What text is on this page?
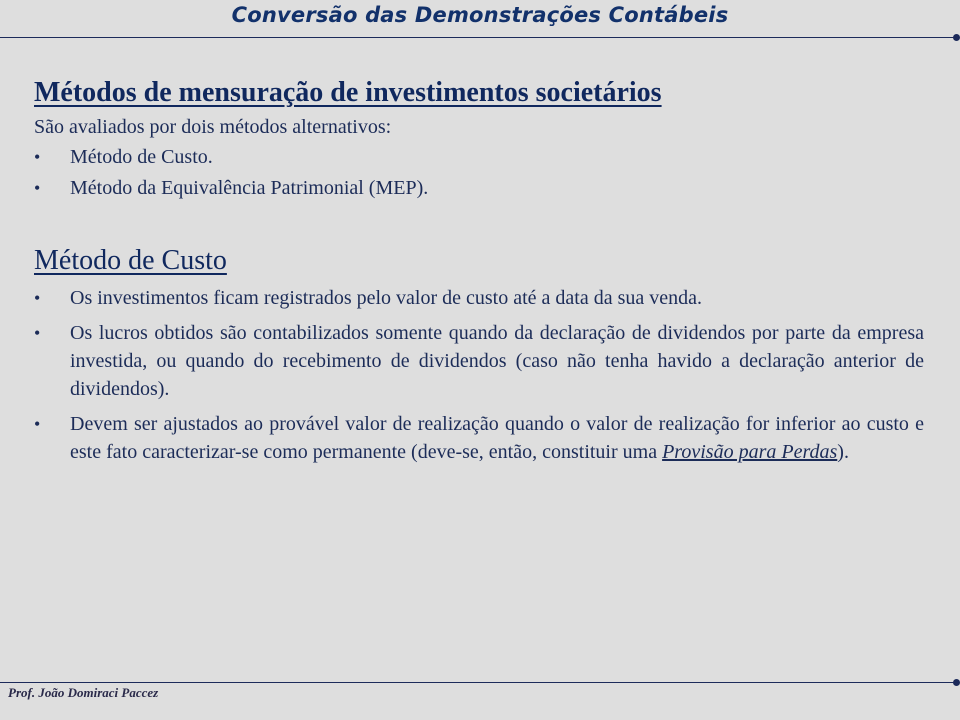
Conversão das Demonstrações Contábeis
Métodos de mensuração de investimentos societários

São avaliados por dois métodos alternativos:

• Método de Custo.
• Método da Equivalência Patrimonial (MEP).
Método de Custo
• Os investimentos ficam registrados pelo valor de custo até a data da sua venda.
• Os lucros obtidos são contabilizados somente quando da declaração de dividendos por parte da empresa investida, ou quando do recebimento de dividendos (caso não tenha havido a declaração anterior de dividendos).
• Devem ser ajustados ao provável valor de realização quando o valor de realização for inferior ao custo e este fato caracterizar-se como permanente (deve-se, então, constituir uma Provisão para Perdas).
Prof. João Domiraci Paccez
